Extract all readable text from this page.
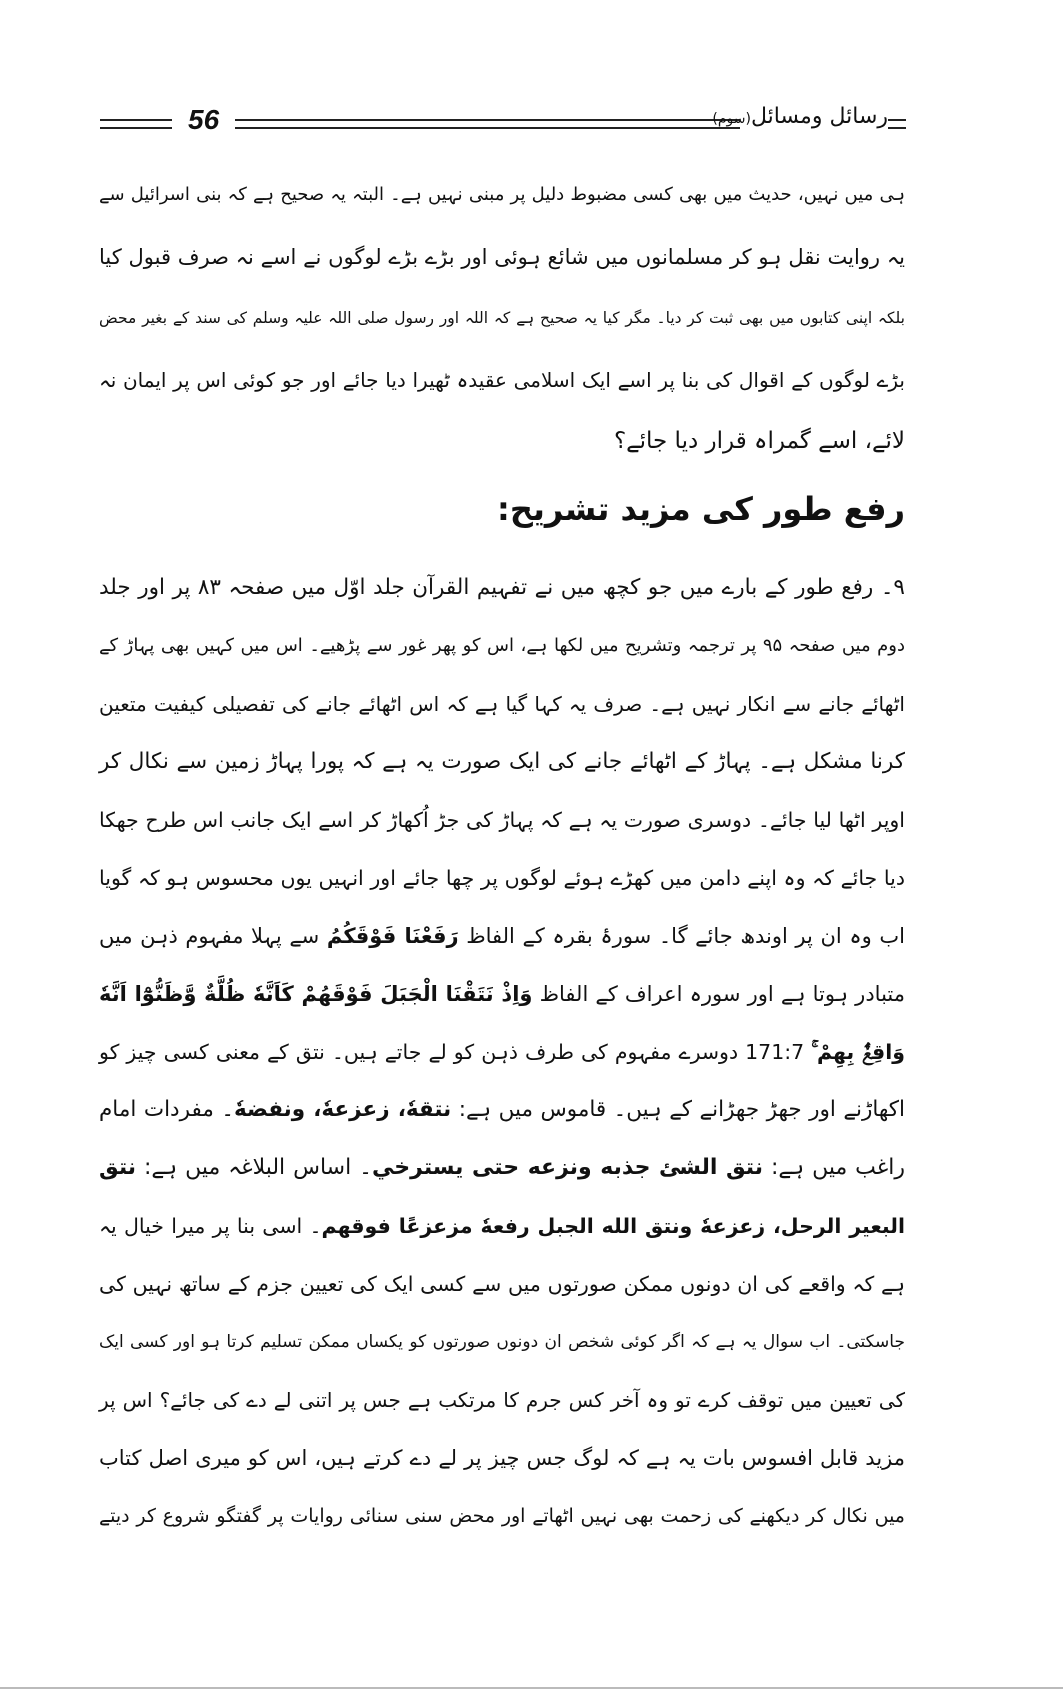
56	رسائل ومسائل(سوم)
رفع طور کی مزید تشریح:
ہی میں نہیں، حدیث میں بھی کسی مضبوط دلیل پر مبنی نہیں ہے۔ البتہ یہ صحیح ہے کہ بنی اسرائیل سے
یہ روایت نقل ہو کر مسلمانوں میں شائع ہوئی اور بڑے بڑے لوگوں نے اسے نہ صرف قبول کیا
بلکہ اپنی کتابوں میں بھی ثبت کر دیا۔ مگر کیا یہ صحیح ہے کہ اللہ اور رسول صلی اللہ علیہ وسلم کی سند کے بغیر محض
بڑے لوگوں کے اقوال کی بنا پر اسے ایک اسلامی عقیدہ ٹھیرا دیا جائے اور جو کوئی اس پر ایمان نہ
لائے، اسے گمراہ قرار دیا جائے؟
۹۔ رفع طور کے بارے میں جو کچھ میں نے تفہیم القرآن جلد اوّل میں صفحہ ۸۳ پر اور جلد
دوم میں صفحہ ۹۵ پر ترجمہ وتشریح میں لکھا ہے، اس کو پھر غور سے پڑھیے۔ اس میں کہیں بھی پہاڑ کے
اٹھائے جانے سے انکار نہیں ہے۔ صرف یہ کہا گیا ہے کہ اس اٹھائے جانے کی تفصیلی کیفیت متعین
کرنا مشکل ہے۔ پہاڑ کے اٹھائے جانے کی ایک صورت یہ ہے کہ پورا پہاڑ زمین سے نکال کر
اوپر اٹھا لیا جائے۔ دوسری صورت یہ ہے کہ پہاڑ کی جڑ اُکھاڑ کر اسے ایک جانب اس طرح جھکا
دیا جائے کہ وہ اپنے دامن میں کھڑے ہوئے لوگوں پر چھا جائے اور انہیں یوں محسوس ہو کہ گویا
اب وہ ان پر اوندھ جائے گا۔ سورۂ بقرہ کے الفاظ رَفَعْنَا فَوْقَكُمُ سے پہلا مفہوم ذہن میں
متبادر ہوتا ہے اور سورہ اعراف کے الفاظ وَاِذْ نَتَقْنَا الْجَبَلَ فَوْقَهُمْ كَاَنَّهٗ ظُلَّةٌ وَّظَنُّوْٓا اَنَّهٗ
وَاقِعٌۢ بِهِمْ ۚ 171:7 دوسرے مفہوم کی طرف ذہن کو لے جاتے ہیں۔ نتق کے معنی کسی چیز کو
اکھاڑنے اور جھڑ جھڑانے کے ہیں۔ قاموس میں ہے: نتقهٗ، زعزعهٗ، ونفضهٗ۔ مفردات امام
راغب میں ہے: نتق الشئ جذبه ونزعه حتى يسترخي۔ اساس البلاغہ میں ہے: نتق
البعير الرحل، زعزعهٗ ونتق الله الجبل رفعهٗ مزعزعًا فوقهم۔ اسی بنا پر میرا خیال یہ
ہے کہ واقعے کی ان دونوں ممکن صورتوں میں سے کسی ایک کی تعیین جزم کے ساتھ نہیں کی
جاسکتی۔ اب سوال یہ ہے کہ اگر کوئی شخص ان دونوں صورتوں کو یکساں ممکن تسلیم کرتا ہو اور کسی ایک
کی تعیین میں توقف کرے تو وہ آخر کس جرم کا مرتکب ہے جس پر اتنی لے دے کی جائے؟ اس پر
مزید قابل افسوس بات یہ ہے کہ لوگ جس چیز پر لے دے کرتے ہیں، اس کو میری اصل کتاب
میں نکال کر دیکھنے کی زحمت بھی نہیں اٹھاتے اور محض سنی سنائی روایات پر گفتگو شروع کر دیتے
